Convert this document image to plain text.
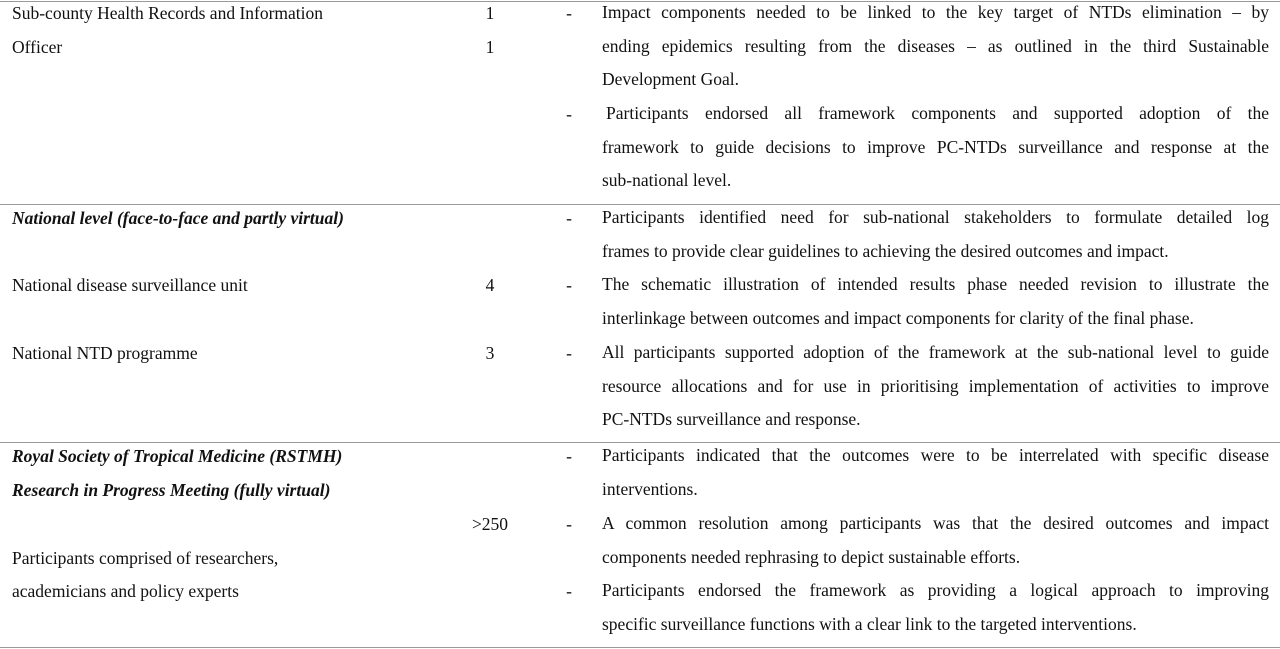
Sub-county Health Records and Information
Officer
1
1
- Impact components needed to be linked to the key target of NTDs elimination – by
ending epidemics resulting from the diseases – as outlined in the third Sustainable
Development Goal.
- Participants endorsed all framework components and supported adoption of the
framework to guide decisions to improve PC-NTDs surveillance and response at the
sub-national level.
National level (face-to-face and partly virtual)
National disease surveillance unit
National NTD programme
4
3
- Participants identified need for sub-national stakeholders to formulate detailed log
frames to provide clear guidelines to achieving the desired outcomes and impact.
- The schematic illustration of intended results phase needed revision to illustrate the
interlinkage between outcomes and impact components for clarity of the final phase.
- All participants supported adoption of the framework at the sub-national level to guide
resource allocations and for use in prioritising implementation of activities to improve
PC-NTDs surveillance and response.
Royal Society of Tropical Medicine (RSTMH)
Research in Progress Meeting (fully virtual)
>250
Participants comprised of researchers,
academicians and policy experts
- Participants indicated that the outcomes were to be interrelated with specific disease
interventions.
- A common resolution among participants was that the desired outcomes and impact
components needed rephrasing to depict sustainable efforts.
- Participants endorsed the framework as providing a logical approach to improving
specific surveillance functions with a clear link to the targeted interventions.
